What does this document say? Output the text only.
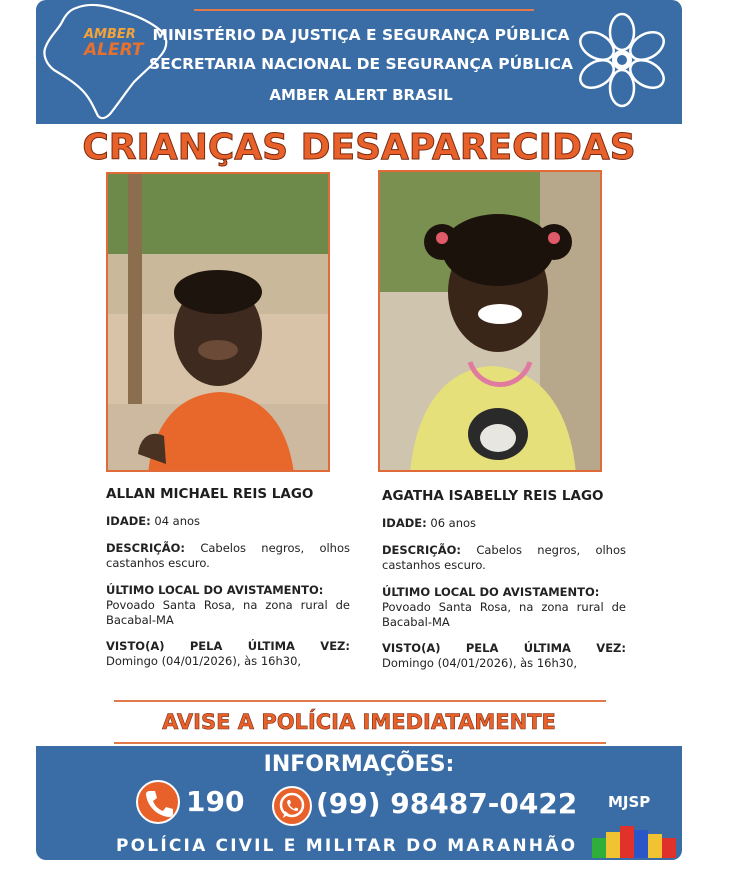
AMBER
ALERT
MINISTÉRIO DA JUSTIÇA E SEGURANÇA PÚBLICA
SECRETARIA NACIONAL DE SEGURANÇA PÚBLICA
AMBER ALERT BRASIL
CRIANÇAS DESAPARECIDAS
ALLAN MICHAEL REIS LAGO
IDADE: 04 anos
DESCRIÇÃO: Cabelos negros, olhos castanhos escuro.
ÚLTIMO LOCAL DO AVISTAMENTO:
Povoado Santa Rosa, na zona rural de Bacabal-MA
VISTO(A) PELA ÚLTIMA VEZ:
Domingo (04/01/2026), às 16h30,
AGATHA ISABELLY REIS LAGO
IDADE: 06 anos
DESCRIÇÃO: Cabelos negros, olhos castanhos escuro.
ÚLTIMO LOCAL DO AVISTAMENTO:
Povoado Santa Rosa, na zona rural de Bacabal-MA
VISTO(A) PELA ÚLTIMA VEZ:
Domingo (04/01/2026), às 16h30,
AVISE A POLÍCIA IMEDIATAMENTE
INFORMAÇÕES:
190	(99) 98487-0422 MJSP
POLÍCIA CIVIL E MILITAR DO MARANHÃO
